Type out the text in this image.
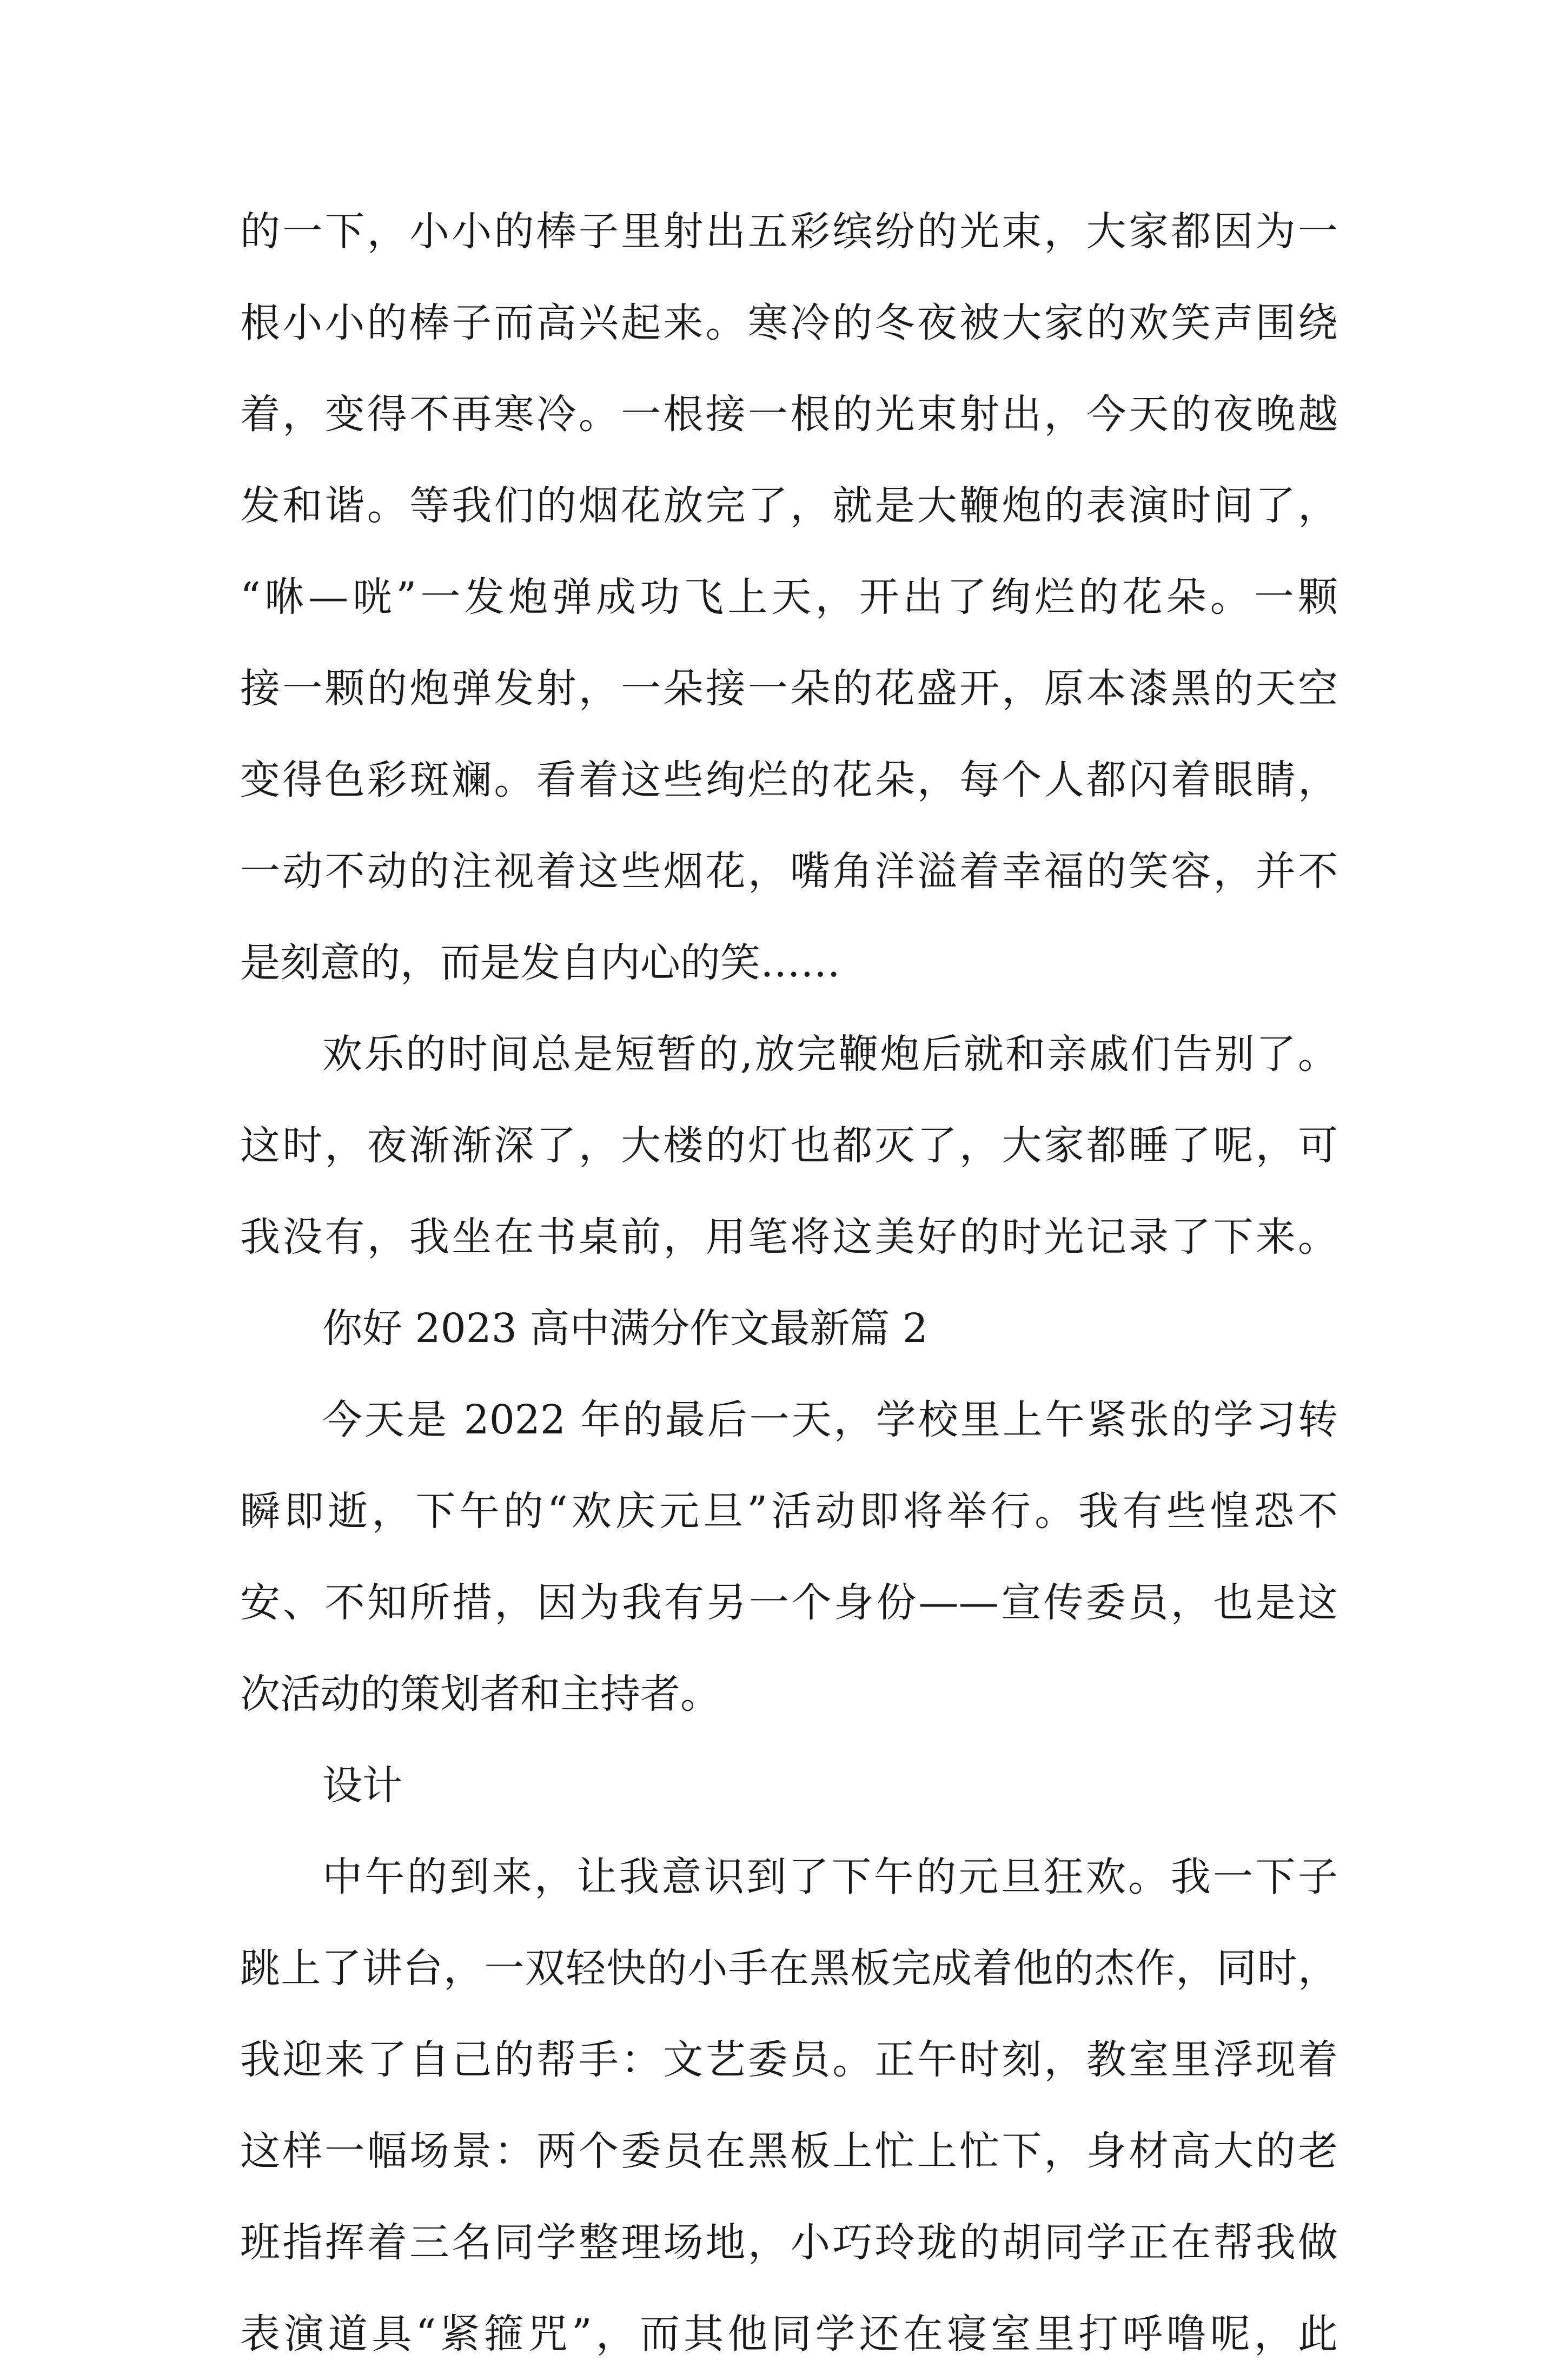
的一下，小小的棒子里射出五彩缤纷的光束，大家都因为一
根小小的棒子而高兴起来。寒冷的冬夜被大家的欢笑声围绕
着，变得不再寒冷。一根接一根的光束射出，今天的夜晚越
发和谐。等我们的烟花放完了，就是大鞭炮的表演时间了，
“咻—咣”一发炮弹成功飞上天，开出了绚烂的花朵。一颗
接一颗的炮弹发射，一朵接一朵的花盛开，原本漆黑的天空
变得色彩斑斓。看着这些绚烂的花朵，每个人都闪着眼睛，
一动不动的注视着这些烟花，嘴角洋溢着幸福的笑容，并不
是刻意的，而是发自内心的笑……
欢乐的时间总是短暂的,放完鞭炮后就和亲戚们告别了。
这时，夜渐渐深了，大楼的灯也都灭了，大家都睡了呢，可
我没有，我坐在书桌前，用笔将这美好的时光记录了下来。
你好 2023 高中满分作文最新篇 2
今天是 2022 年的最后一天，学校里上午紧张的学习转
瞬即逝，下午的“欢庆元旦”活动即将举行。我有些惶恐不
安、不知所措，因为我有另一个身份——宣传委员，也是这
次活动的策划者和主持者。
设计
中午的到来，让我意识到了下午的元旦狂欢。我一下子
跳上了讲台，一双轻快的小手在黑板完成着他的杰作，同时，
我迎来了自己的帮手：文艺委员。正午时刻，教室里浮现着
这样一幅场景：两个委员在黑板上忙上忙下，身材高大的老
班指挥着三名同学整理场地，小巧玲珑的胡同学正在帮我做
表演道具“紧箍咒”，而其他同学还在寝室里打呼噜呢，此
